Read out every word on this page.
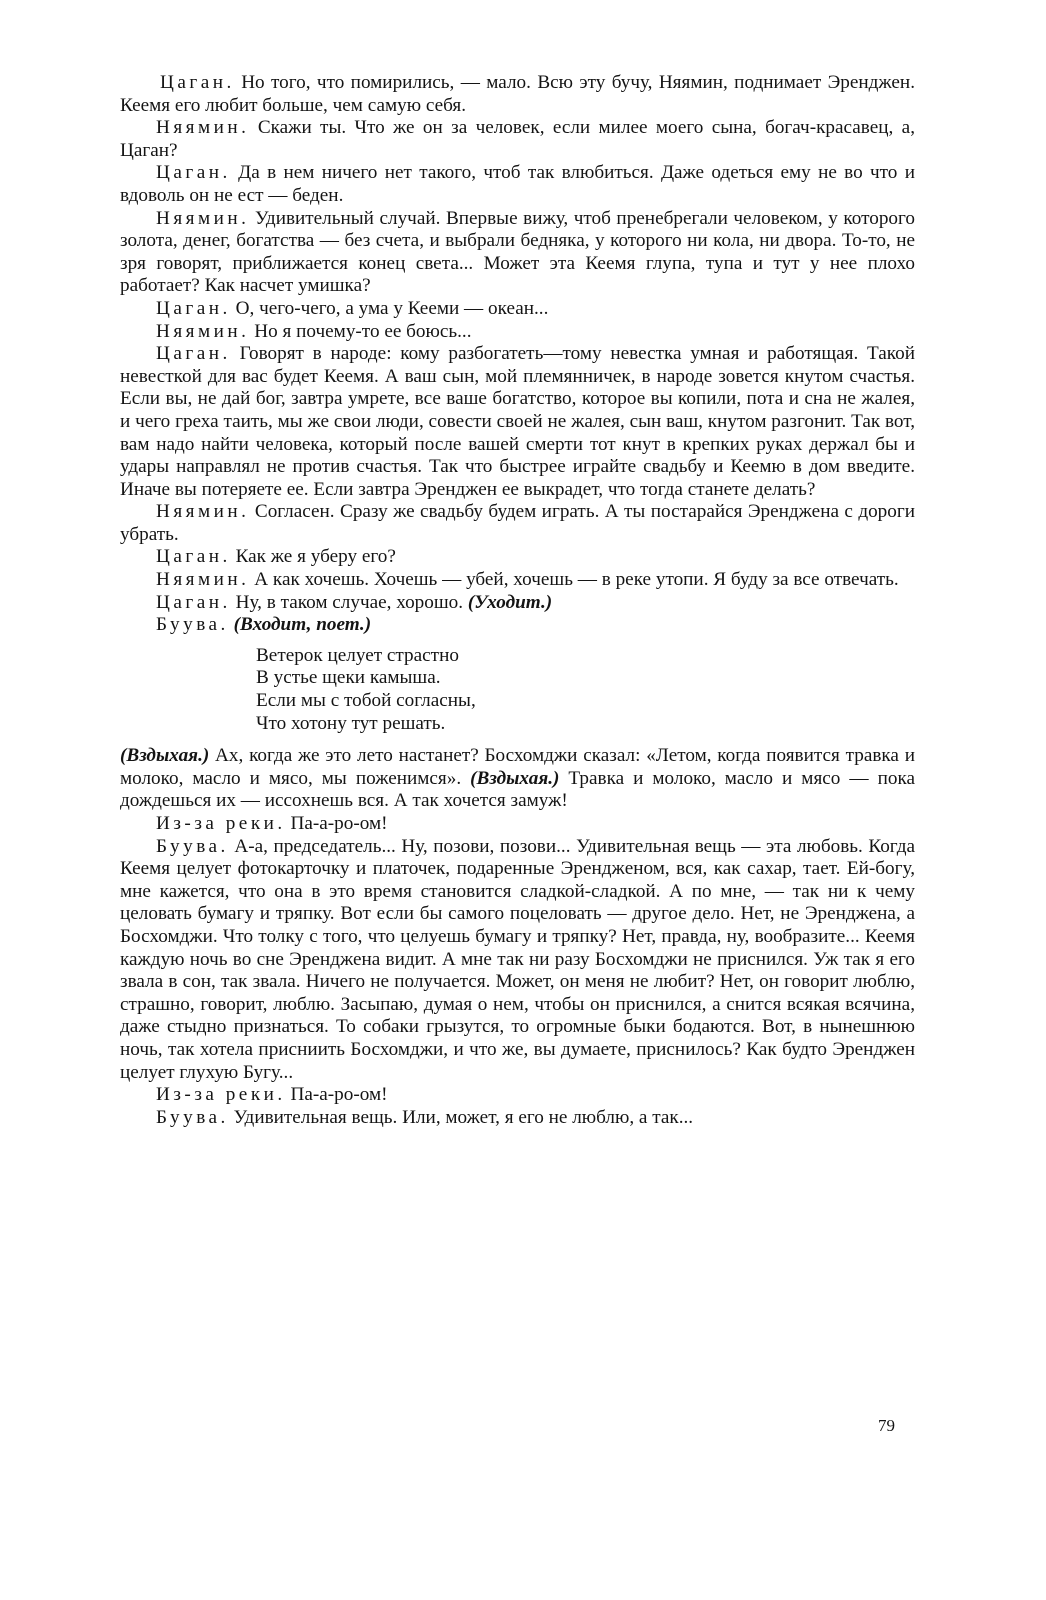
Цаган. Но того, что помирились, — мало. Всю эту бучу, Няямин, поднимает Эренджен. Кеемя его любит больше, чем самую себя.

Няямин. Скажи ты. Что же он за человек, если милее моего сына, богач-красавец, а, Цаган?

Цаган. Да в нем ничего нет такого, чтоб так влюбиться. Даже одеться ему не во что и вдоволь он не ест — беден.

Няямин. Удивительный случай. Впервые вижу, чтоб пренебрегали человеком, у которого золота, денег, богатства — без счета, и выбрали бедняка, у которого ни кола, ни двора. То-то, не зря говорят, приближается конец света... Может эта Кеемя глупа, тупа и тут у нее плохо работает? Как насчет умишка?

Цаган. О, чего-чего, а ума у Кееми — океан...

Няямин. Но я почему-то ее боюсь...

Цаган. Говорят в народе: кому разбогатеть—тому невестка умная и работящая. Такой невесткой для вас будет Кеемя. А ваш сын, мой племянничек, в народе зовется кнутом счастья. Если вы, не дай бог, завтра умрете, все ваше богатство, которое вы копили, пота и сна не жалея, и чего греха таить, мы же свои люди, совести своей не жалея, сын ваш, кнутом разгонит. Так вот, вам надо найти человека, который после вашей смерти тот кнут в крепких руках держал бы и удары направлял не против счастья. Так что быстрее играйте свадьбу и Кеемю в дом введите. Иначе вы потеряете ее. Если завтра Эренджен ее выкрадет, что тогда станете делать?

Няямин. Согласен. Сразу же свадьбу будем играть. А ты постарайся Эренджена с дороги убрать.

Цаган. Как же я уберу его?

Няямин. А как хочешь. Хочешь — убей, хочешь — в реке утопи. Я буду за все отвечать.

Цаган. Ну, в таком случае, хорошо. (Уходит.)

Буува. (Входит, поет.)

Ветерок целует страстно
В устье щеки камыша.
Если мы с тобой согласны,
Что хотону тут решать.

(Вздыхая.) Ах, когда же это лето настанет? Босхомджи сказал: «Летом, когда появится травка и молоко, масло и мясо, мы поженимся». (Вздыхая.) Травка и молоко, масло и мясо — пока дождешься их — иссохнешь вся. А так хочется замуж!

Из-за реки. Па-а-ро-ом!

Буува. А-а, председатель... Ну, позови, позови... Удивительная вещь — эта любовь. Когда Кеемя целует фотокарточку и платочек, подаренные Эренджeном, вся, как сахар, тает. Ей-богу, мне кажется, что она в это время становится сладкой-сладкой. А по мне, — так ни к чему целовать бумагу и тряпку. Вот если бы самого поцеловать — другое дело. Нет, не Эренджена, а Босхомджи. Что толку с того, что целуешь бумагу и тряпку? Нет, правда, ну, вообразите... Кеемя каждую ночь во сне Эренджена видит. А мне так ни разу Босхомджи не приснился. Уж так я его звала в сон, так звала. Ничего не получается. Может, он меня не любит? Нет, он говорит люблю, страшно, говорит, люблю. Засыпаю, думая о нем, чтобы он приснился, а снится всякая всячина, даже стыдно признаться. То собаки грызутся, то огромные быки бодаются. Вот, в нынешнюю ночь, так хотела присниить Босхомджи, и что же, вы думаете, приснилось? Как будто Эренджен целует глухую Бугу...

Из-за реки. Па-а-ро-ом!

Буува. Удивительная вещь. Или, может, я его не люблю, а так...

79
